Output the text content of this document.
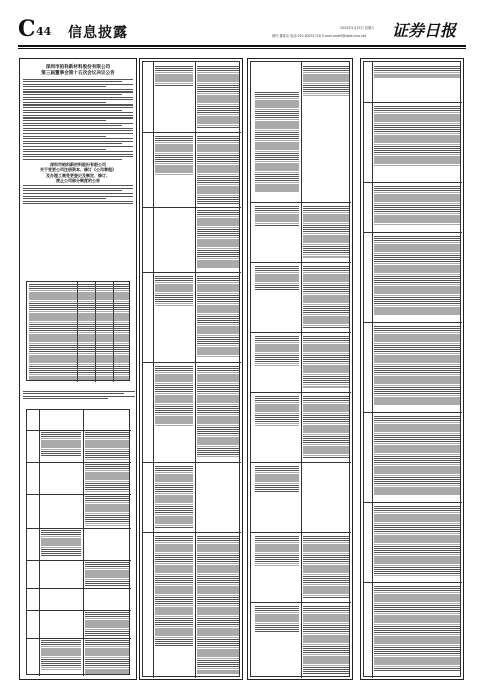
C 44 信息披露	2020年5月23日 星期六
制作:董寒洁 电话:010-83251716 E-mail:zqrb9@zqrb.sina.net 证券日报
深圳市铂科新材料股份有限公司
第三届董事会第十五次会议决议公告
深圳市铂科新材料股份有限公司
关于变更公司注册资本、修订《公司章程》
及办理工商变更登记及制定、修订、
废止公司部分制度的公告
